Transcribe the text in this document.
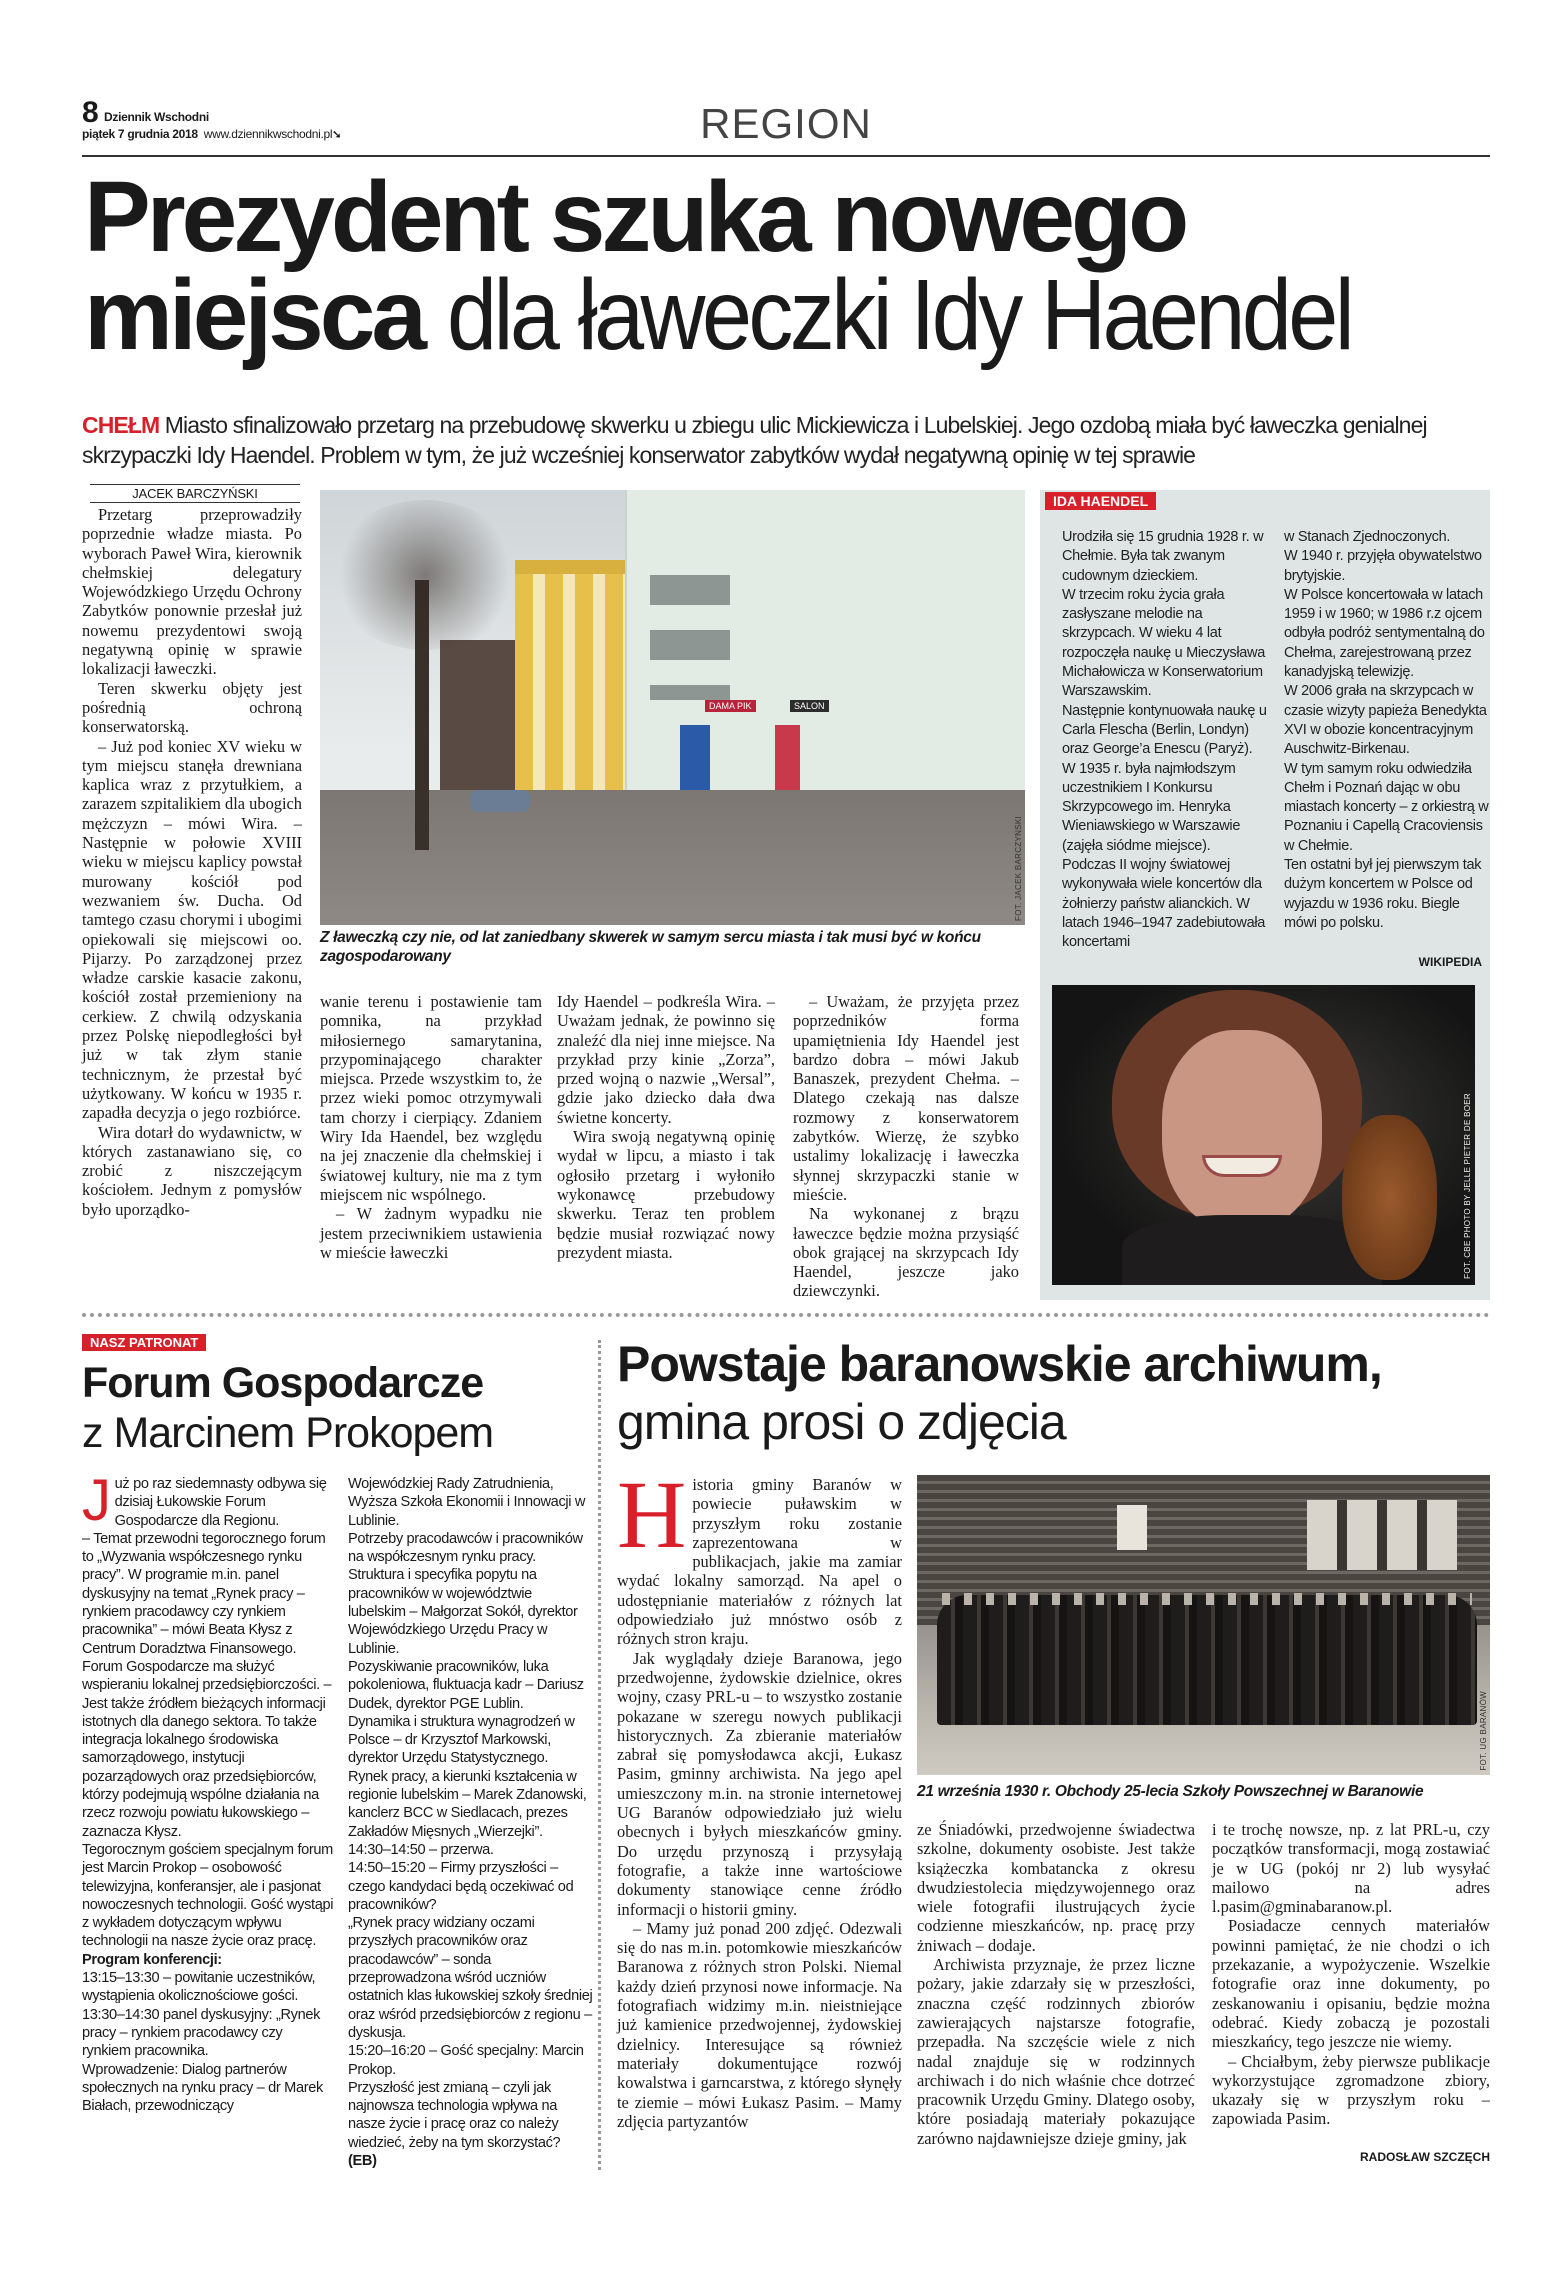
8 Dziennik Wschodni
piątek 7 grudnia 2018 www.dziennikwschodni.pl➘	REGION
Prezydent szuka nowego
miejsca dla ławeczki Idy Haendel
CHEŁM Miasto sfinalizowało przetarg na przebudowę skwerku u zbiegu ulic Mickiewicza i Lubelskiej. Jego ozdobą miała być ławeczka genialnej skrzypaczki Idy Haendel. Problem w tym, że już wcześniej konserwator zabytków wydał negatywną opinię w tej sprawie
JACEK BARCZYŃSKI

Przetarg przeprowadziły poprzednie władze miasta. Po wyborach Paweł Wira, kierownik chełmskiej delegatury Wojewódzkiego Urzędu Ochrony Zabytków ponownie przesłał już nowemu prezydentowi swoją negatywną opinię w sprawie lokalizacji ławeczki.

Teren skwerku objęty jest pośrednią ochroną konserwatorską.

– Już pod koniec XV wieku w tym miejscu stanęła drewniana kaplica wraz z przytułkiem, a zarazem szpitalikiem dla ubogich mężczyzn – mówi Wira. – Następnie w połowie XVIII wieku w miejscu kaplicy powstał murowany kościół pod wezwaniem św. Ducha. Od tamtego czasu chorymi i ubogimi opiekowali się miejscowi oo. Pijarzy. Po zarządzonej przez władze carskie kasacie zakonu, kościół został przemieniony na cerkiew. Z chwilą odzyskania przez Polskę niepodległości był już w tak złym stanie technicznym, że przestał być użytkowany. W końcu w 1935 r. zapadła decyzja o jego rozbiórce.

Wira dotarł do wydawnictw, w których zastanawiano się, co zrobić z niszczejącym kościołem. Jednym z pomysłów było uporządko-

wanie terenu i postawienie tam pomnika, na przykład miłosiernego samarytanina, przypominającego charakter miejsca. Przede wszystkim to, że przez wieki pomoc otrzymywali tam chorzy i cierpiący. Zdaniem Wiry Ida Haendel, bez względu na jej znaczenie dla chełmskiej i światowej kultury, nie ma z tym miejscem nic wspólnego.

– W żadnym wypadku nie jestem przeciwnikiem ustawienia w mieście ławeczki

Idy Haendel – podkreśla Wira. – Uważam jednak, że powinno się znaleźć dla niej inne miejsce. Na przykład przy kinie „Zorza”, przed wojną o nazwie „Wersal”, gdzie jako dziecko dała dwa świetne koncerty.

Wira swoją negatywną opinię wydał w lipcu, a miasto i tak ogłosiło przetarg i wyłoniło wykonawcę przebudowy skwerku. Teraz ten problem będzie musiał rozwiązać nowy prezydent miasta.

– Uważam, że przyjęta przez poprzedników forma upamiętnienia Idy Haendel jest bardzo dobra – mówi Jakub Banaszek, prezydent Chełma. – Dlatego czekają nas dalsze rozmowy z konserwatorem zabytków. Wierzę, że szybko ustalimy lokalizację i ławeczka słynnej skrzypaczki stanie w mieście.

Na wykonanej z brązu ławeczce będzie można przysiąść obok grającej na skrzypcach Idy Haendel, jeszcze jako dziewczynki.

DAMA PIK	SALON
FOT. JACEK BARCZYŃSKI
Z ławeczką czy nie, od lat zaniedbany skwerek w samym sercu miasta i tak musi być w końcu zagospodarowany
IDA HAENDEL

Urodziła się 15 grudnia 1928 r. w Chełmie. Była tak zwanym cudownym dzieckiem.

W trzecim roku życia grała zasłyszane melodie na skrzypcach. W wieku 4 lat rozpoczęła naukę u Mieczysława Michałowicza w Konserwatorium Warszawskim.

Następnie kontynuowała naukę u Carla Flescha (Berlin, Londyn) oraz George’a Enescu (Paryż).

W 1935 r. była najmłodszym uczestnikiem I Konkursu Skrzypcowego im. Henryka Wieniawskiego w Warszawie (zajęła siódme miejsce).

Podczas II wojny światowej wykonywała wiele koncertów dla żołnierzy państw alianckich. W latach 1946–1947 zadebiutowała koncertami

w Stanach Zjednoczonych.

W 1940 r. przyjęła obywatelstwo brytyjskie.

W Polsce koncertowała w latach 1959 i w 1960; w 1986 r.z ojcem odbyła podróż sentymentalną do Chełma, zarejestrowaną przez kanadyjską telewizję.

W 2006 grała na skrzypcach w czasie wizyty papieża Benedykta XVI w obozie koncentracyjnym Auschwitz-Birkenau.

W tym samym roku odwiedziła Chełm i Poznań dając w obu miastach koncerty – z orkiestrą w Poznaniu i Capellą Cracoviensis w Chełmie.

Ten ostatni był jej pierwszym tak dużym koncertem w Polsce od wyjazdu w 1936 roku. Biegle mówi po polsku.

WIKIPEDIA
FOT. CBE PHOTO BY JELLE PIETER DE BOER
NASZ PATRONAT
Forum Gospodarcze
z Marcinem Prokopem

Już po raz siedemnasty odbywa się dzisiaj Łukowskie Forum Gospodarcze dla Regionu.

– Temat przewodni tegorocznego forum to „Wyzwania współczesnego rynku pracy”. W programie m.in. panel dyskusyjny na temat „Rynek pracy – rynkiem pracodawcy czy rynkiem pracownika” – mówi Beata Kłysz z Centrum Doradztwa Finansowego.

Forum Gospodarcze ma służyć wspieraniu lokalnej przedsiębiorczości. – Jest także źródłem bieżących informacji istotnych dla danego sektora. To także integracja lokalnego środowiska samorządowego, instytucji pozarządowych oraz przedsiębiorców, którzy podejmują wspólne działania na rzecz rozwoju powiatu łukowskiego – zaznacza Kłysz.

Tegorocznym gościem specjalnym forum jest Marcin Prokop – osobowość telewizyjna, konferansjer, ale i pasjonat nowoczesnych technologii. Gość wystąpi z wykładem dotyczącym wpływu technologii na nasze życie oraz pracę.

Program konferencji:

13:15–13:30 – powitanie uczestników, wystąpienia okolicznościowe gości.

13:30–14:30 panel dyskusyjny: „Rynek pracy – rynkiem pracodawcy czy rynkiem pracownika.

Wprowadzenie: Dialog partnerów społecznych na rynku pracy – dr Marek Białach, przewodniczący

Wojewódzkiej Rady Zatrudnienia, Wyższa Szkoła Ekonomii i Innowacji w Lublinie.

Potrzeby pracodawców i pracowników na współczesnym rynku pracy.

Struktura i specyfika popytu na pracowników w województwie lubelskim – Małgorzat Sokół, dyrektor Wojewódzkiego Urzędu Pracy w Lublinie.

Pozyskiwanie pracowników, luka pokoleniowa, fluktuacja kadr – Dariusz Dudek, dyrektor PGE Lublin.

Dynamika i struktura wynagrodzeń w Polsce – dr Krzysztof Markowski, dyrektor Urzędu Statystycznego.

Rynek pracy, a kierunki kształcenia w regionie lubelskim – Marek Zdanowski, kanclerz BCC w Siedlacach, prezes Zakładów Mięsnych „Wierzejki”.

14:30–14:50 – przerwa.

14:50–15:20 – Firmy przyszłości – czego kandydaci będą oczekiwać od pracowników?

„Rynek pracy widziany oczami przyszłych pracowników oraz pracodawców” – sonda przeprowadzona wśród uczniów ostatnich klas łukowskiej szkoły średniej oraz wśród przedsiębiorców z regionu – dyskusja.

15:20–16:20 – Gość specjalny: Marcin Prokop.

Przyszłość jest zmianą – czyli jak najnowsza technologia wpływa na nasze życie i pracę oraz co należy wiedzieć, żeby na tym skorzystać?

(EB)

Powstaje baranowskie archiwum,
gmina prosi o zdjęcia

Historia gminy Baranów w powiecie puławskim w przyszłym roku zostanie zaprezentowana w publikacjach, jakie ma zamiar wydać lokalny samorząd. Na apel o udostępnianie materiałów z różnych lat odpowiedziało już mnóstwo osób z różnych stron kraju.

Jak wyglądały dzieje Baranowa, jego przedwojenne, żydowskie dzielnice, okres wojny, czasy PRL-u – to wszystko zostanie pokazane w szeregu nowych publikacji historycznych. Za zbieranie materiałów zabrał się pomysłodawca akcji, Łukasz Pasim, gminny archiwista. Na jego apel umieszczony m.in. na stronie internetowej UG Baranów odpowiedziało już wielu obecnych i byłych mieszkańców gminy. Do urzędu przynoszą i przysyłają fotografie, a także inne wartościowe dokumenty stanowiące cenne źródło informacji o historii gminy.

– Mamy już ponad 200 zdjęć. Odezwali się do nas m.in. potomkowie mieszkańców Baranowa z różnych stron Polski. Niemal każdy dzień przynosi nowe informacje. Na fotografiach widzimy m.in. nieistniejące już kamienice przedwojennej, żydowskiej dzielnicy. Interesujące są również materiały dokumentujące rozwój kowalstwa i garncarstwa, z którego słynęły te ziemie – mówi Łukasz Pasim. – Mamy zdjęcia partyzantów

FOT. UG BARANÓW
21 września 1930 r. Obchody 25-lecia Szkoły Powszechnej w Baranowie

ze Śniadówki, przedwojenne świadectwa szkolne, dokumenty osobiste. Jest także książeczka kombatancka z okresu dwudziestolecia międzywojennego oraz wiele fotografii ilustrujących życie codzienne mieszkańców, np. pracę przy żniwach – dodaje.

Archiwista przyznaje, że przez liczne pożary, jakie zdarzały się w przeszłości, znaczna część rodzinnych zbiorów zawierających najstarsze fotografie, przepadła. Na szczęście wiele z nich nadal znajduje się w rodzinnych archiwach i do nich właśnie chce dotrzeć pracownik Urzędu Gminy. Dlatego osoby, które posiadają materiały pokazujące zarówno najdawniejsze dzieje gminy, jak

i te trochę nowsze, np. z lat PRL-u, czy początków transformacji, mogą zostawiać je w UG (pokój nr 2) lub wysyłać mailowo na adres l.pasim@gminabaranow.pl.

Posiadacze cennych materiałów powinni pamiętać, że nie chodzi o ich przekazanie, a wypożyczenie. Wszelkie fotografie oraz inne dokumenty, po zeskanowaniu i opisaniu, będzie można odebrać. Kiedy zobaczą je pozostali mieszkańcy, tego jeszcze nie wiemy.

– Chciałbym, żeby pierwsze publikacje wykorzystujące zgromadzone zbiory, ukazały się w przyszłym roku – zapowiada Pasim.

RADOSŁAW SZCZĘCH
